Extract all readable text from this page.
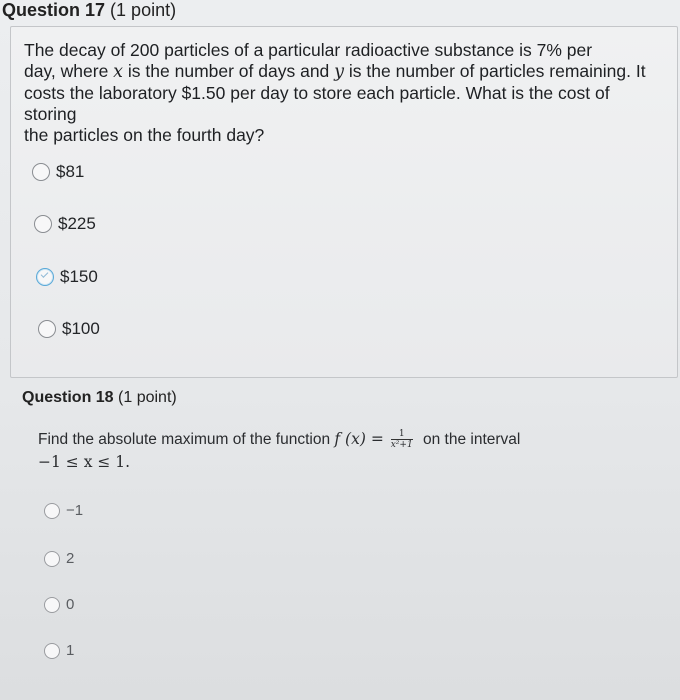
Question 17 (1 point)
The decay of 200 particles of a particular radioactive substance is 7% per
day, where x is the number of days and y is the number of particles remaining. It
costs the laboratory $1.50 per day to store each particle. What is the cost of storing
the particles on the fourth day?
$81
$225
$150
$100
Question 18 (1 point)
Find the absolute maximum of the function f $(x) = \frac{1}{\text{x²+1}}$ on the interval
−1 ≤ x ≤ 1.
−1
2
0
1
